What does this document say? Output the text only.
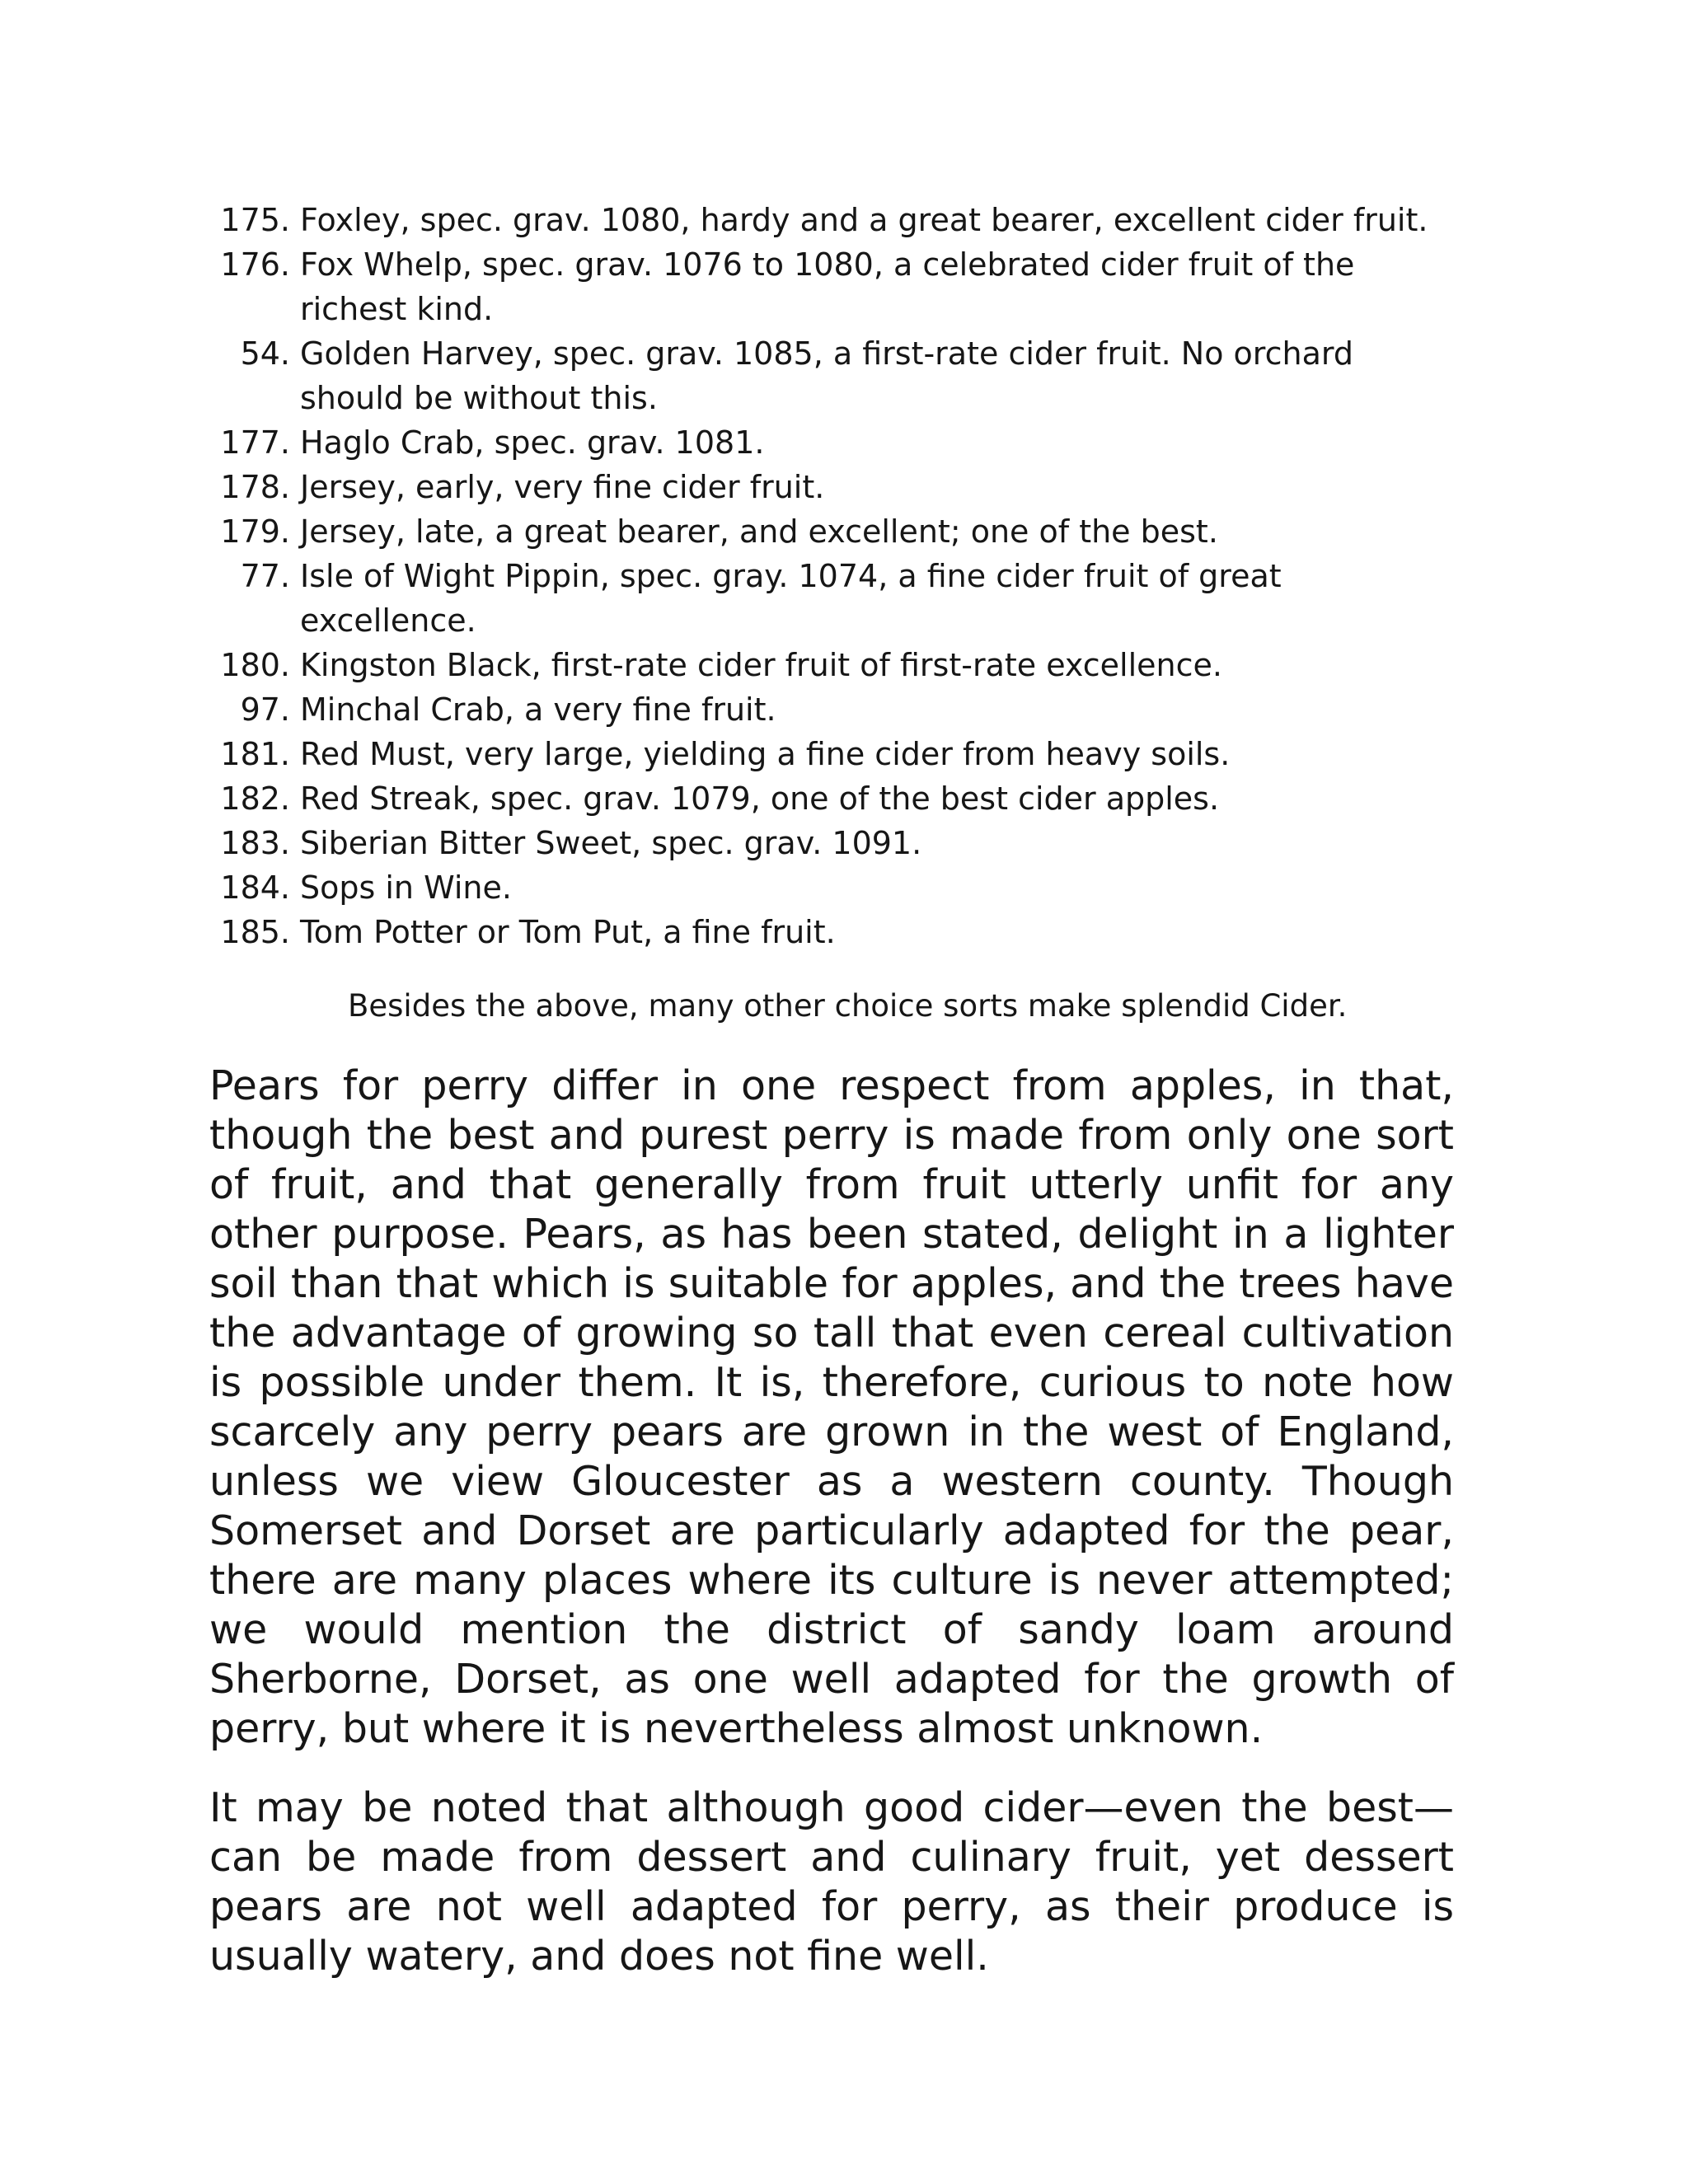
175. Foxley, spec. grav. 1080, hardy and a great bearer, excellent cider fruit.
176. Fox Whelp, spec. grav. 1076 to 1080, a celebrated cider fruit of the richest kind.
54. Golden Harvey, spec. grav. 1085, a first-rate cider fruit. No orchard should be without this.
177. Haglo Crab, spec. grav. 1081.
178. Jersey, early, very fine cider fruit.
179. Jersey, late, a great bearer, and excellent; one of the best.
77. Isle of Wight Pippin, spec. gray. 1074, a fine cider fruit of great excellence.
180. Kingston Black, first-rate cider fruit of first-rate excellence.
97. Minchal Crab, a very fine fruit.
181. Red Must, very large, yielding a fine cider from heavy soils.
182. Red Streak, spec. grav. 1079, one of the best cider apples.
183. Siberian Bitter Sweet, spec. grav. 1091.
184. Sops in Wine.
185. Tom Potter or Tom Put, a fine fruit.
Besides the above, many other choice sorts make splendid Cider.

Pears for perry differ in one respect from apples, in that, though the best and purest perry is made from only one sort of fruit, and that generally from fruit utterly unfit for any other purpose. Pears, as has been stated, delight in a lighter soil than that which is suitable for apples, and the trees have the advantage of growing so tall that even cereal cultivation is possible under them. It is, therefore, curious to note how scarcely any perry pears are grown in the west of England, unless we view Gloucester as a western county. Though Somerset and Dorset are particularly adapted for the pear, there are many places where its culture is never attempted; we would mention the district of sandy loam around Sherborne, Dorset, as one well adapted for the growth of perry, but where it is nevertheless almost unknown.

It may be noted that although good cider—even the best—can be made from dessert and culinary fruit, yet dessert pears are not well adapted for perry, as their produce is usually watery, and does not fine well.
